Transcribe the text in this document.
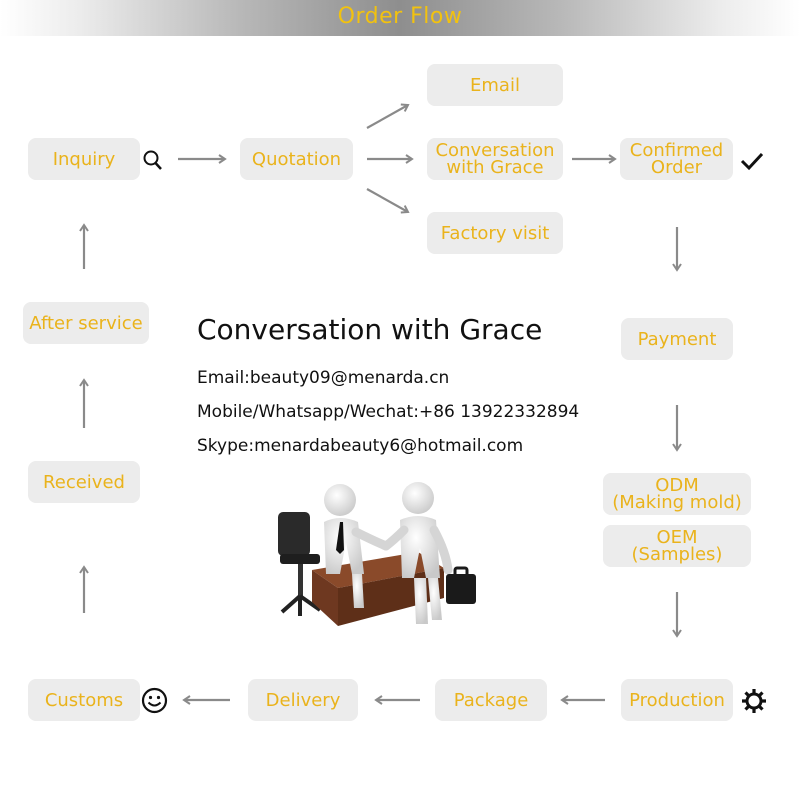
Order Flow
Inquiry	Quotation
Email
Conversation
with Grace
Factory visit
Confirmed
Order
Payment
ODM
(Making mold)
OEM
(Samples)
Production
Package
Delivery
Customs
Received
After service Conversation with Grace
Email:beauty09@menarda.cn
Mobile/Whatsapp/Wechat:+86 13922332894
Skype:menardabeauty6@hotmail.com
